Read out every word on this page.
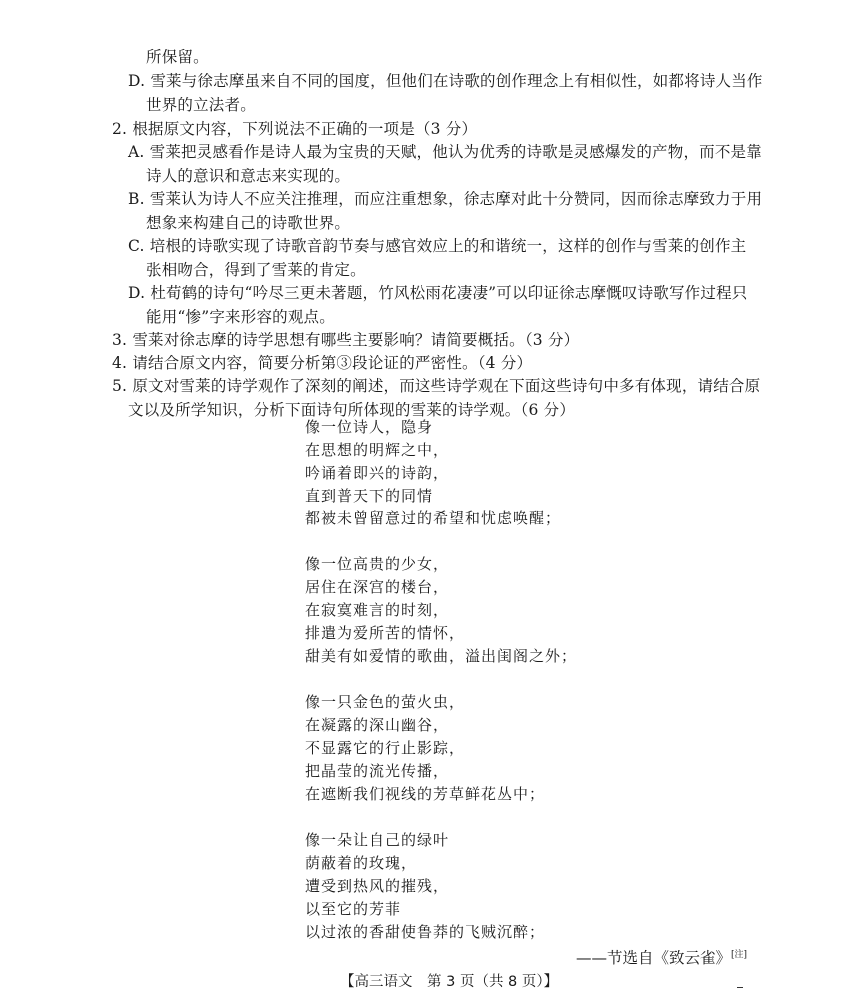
所保留。
D. 雪莱与徐志摩虽来自不同的国度，但他们在诗歌的创作理念上有相似性，如都将诗人当作
世界的立法者。
2. 根据原文内容，下列说法不正确的一项是（3 分）
A. 雪莱把灵感看作是诗人最为宝贵的天赋，他认为优秀的诗歌是灵感爆发的产物，而不是靠
诗人的意识和意志来实现的。
B. 雪莱认为诗人不应关注推理，而应注重想象，徐志摩对此十分赞同，因而徐志摩致力于用
想象来构建自己的诗歌世界。
C. 培根的诗歌实现了诗歌音韵节奏与感官效应上的和谐统一，这样的创作与雪莱的创作主
张相吻合，得到了雪莱的肯定。
D. 杜荀鹤的诗句“吟尽三更未著题，竹风松雨花凄凄”可以印证徐志摩慨叹诗歌写作过程只
能用“惨”字来形容的观点。
3. 雪莱对徐志摩的诗学思想有哪些主要影响？请简要概括。（3 分）
4. 请结合原文内容，简要分析第③段论证的严密性。（4 分）
5. 原文对雪莱的诗学观作了深刻的阐述，而这些诗学观在下面这些诗句中多有体现，请结合原
文以及所学知识，分析下面诗句所体现的雪莱的诗学观。（6 分）
像一位诗人，隐身
在思想的明辉之中，
吟诵着即兴的诗韵，
直到普天下的同情
都被未曾留意过的希望和忧虑唤醒；
像一位高贵的少女，
居住在深宫的楼台，
在寂寞难言的时刻，
排遣为爱所苦的情怀，
甜美有如爱情的歌曲，溢出闺阁之外；
像一只金色的萤火虫，
在凝露的深山幽谷，
不显露它的行止影踪，
把晶莹的流光传播，
在遮断我们视线的芳草鲜花丛中；
像一朵让自己的绿叶
荫蔽着的玫瑰，
遭受到热风的摧残，
以至它的芳菲
以过浓的香甜使鲁莽的飞贼沉醉；
——节选自《致云雀》[注]
【高三语文　第 3 页（共 8 页）】
